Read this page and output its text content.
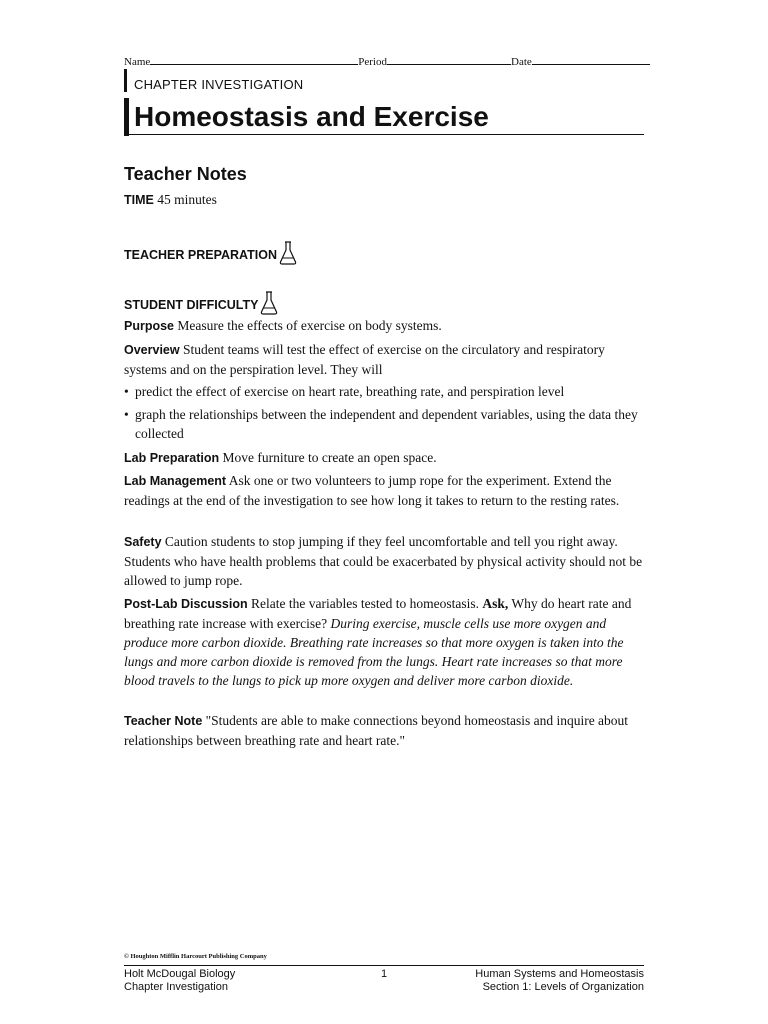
Name	Period	Date
CHAPTER INVESTIGATION
Homeostasis and Exercise
Teacher Notes
TIME 45 minutes
TEACHER PREPARATION
STUDENT DIFFICULTY
Purpose Measure the effects of exercise on body systems.
Overview Student teams will test the effect of exercise on the circulatory and respiratory systems and on the perspiration level. They will
• predict the effect of exercise on heart rate, breathing rate, and perspiration level
• graph the relationships between the independent and dependent variables, using the data they collected
Lab Preparation Move furniture to create an open space.
Lab Management Ask one or two volunteers to jump rope for the experiment. Extend the readings at the end of the investigation to see how long it takes to return to the resting rates.
Safety Caution students to stop jumping if they feel uncomfortable and tell you right away. Students who have health problems that could be exacerbated by physical activity should not be allowed to jump rope.
Post-Lab Discussion Relate the variables tested to homeostasis. Ask, Why do heart rate and breathing rate increase with exercise? During exercise, muscle cells use more oxygen and produce more carbon dioxide. Breathing rate increases so that more oxygen is taken into the lungs and more carbon dioxide is removed from the lungs. Heart rate increases so that more blood travels to the lungs to pick up more oxygen and deliver more carbon dioxide.
Teacher Note "Students are able to make connections beyond homeostasis and inquire about relationships between breathing rate and heart rate."
© Houghton Mifflin Harcourt Publishing Company
Holt McDougal Biology
Chapter Investigation
1	Human Systems and Homeostasis
Section 1: Levels of Organization
